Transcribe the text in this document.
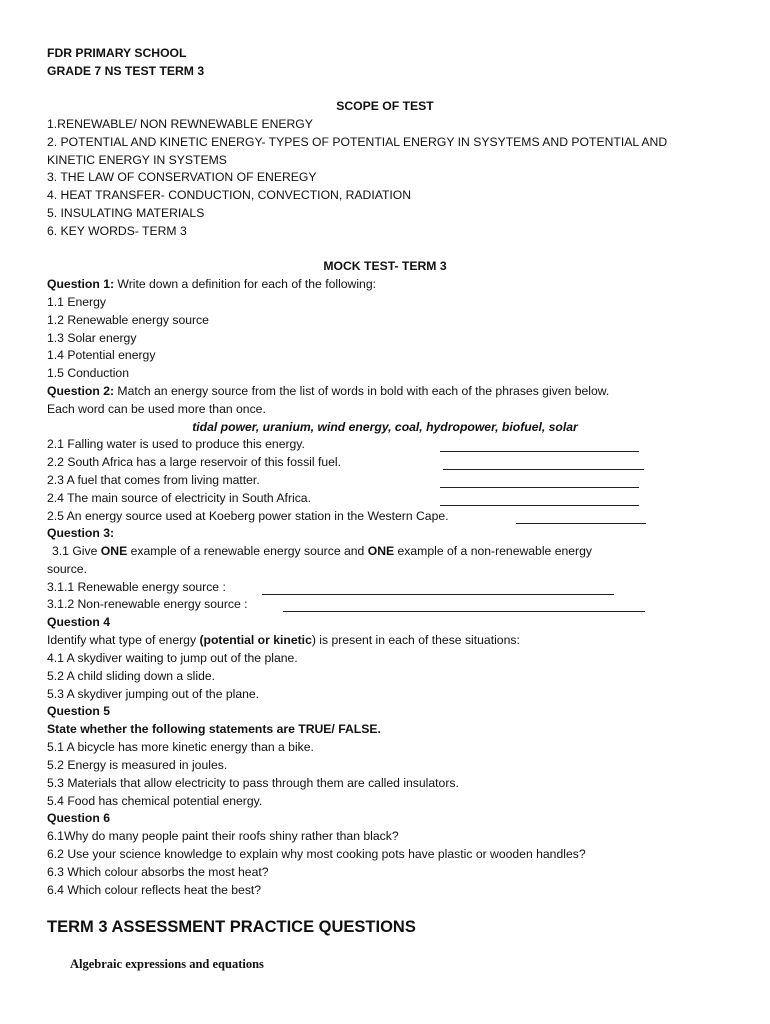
FDR PRIMARY SCHOOL
GRADE 7 NS TEST TERM 3
SCOPE OF TEST
1.RENEWABLE/ NON REWNEWABLE ENERGY
2. POTENTIAL AND KINETIC ENERGY- TYPES OF POTENTIAL ENERGY IN SYSYTEMS AND POTENTIAL AND
KINETIC ENERGY IN SYSTEMS
3. THE LAW OF CONSERVATION OF ENEREGY
4. HEAT TRANSFER- CONDUCTION, CONVECTION, RADIATION
5. INSULATING MATERIALS
6. KEY WORDS- TERM 3
MOCK TEST- TERM 3
Question 1: Write down a definition for each of the following:
1.1 Energy
1.2 Renewable energy source
1.3 Solar energy
1.4 Potential energy
1.5 Conduction
Question 2: Match an energy source from the list of words in bold with each of the phrases given below.
Each word can be used more than once.
tidal power, uranium, wind energy, coal, hydropower, biofuel, solar
2.1 Falling water is used to produce this energy.
2.2 South Africa has a large reservoir of this fossil fuel.
2.3 A fuel that comes from living matter.
2.4 The main source of electricity in South Africa.
2.5 An energy source used at Koeberg power station in the Western Cape.
Question 3:
3.1 Give ONE example of a renewable energy source and ONE example of a non-renewable energy
source.
3.1.1 Renewable energy source :
3.1.2 Non-renewable energy source :
Question 4
Identify what type of energy (potential or kinetic) is present in each of these situations:
4.1 A skydiver waiting to jump out of the plane.
5.2 A child sliding down a slide.
5.3 A skydiver jumping out of the plane.
Question 5
State whether the following statements are TRUE/ FALSE.
5.1 A bicycle has more kinetic energy than a bike.
5.2 Energy is measured in joules.
5.3 Materials that allow electricity to pass through them are called insulators.
5.4 Food has chemical potential energy.
Question 6
6.1Why do many people paint their roofs shiny rather than black?
6.2 Use your science knowledge to explain why most cooking pots have plastic or wooden handles?
6.3 Which colour absorbs the most heat?
6.4 Which colour reflects heat the best?
TERM 3 ASSESSMENT PRACTICE QUESTIONS
Algebraic expressions and equations
